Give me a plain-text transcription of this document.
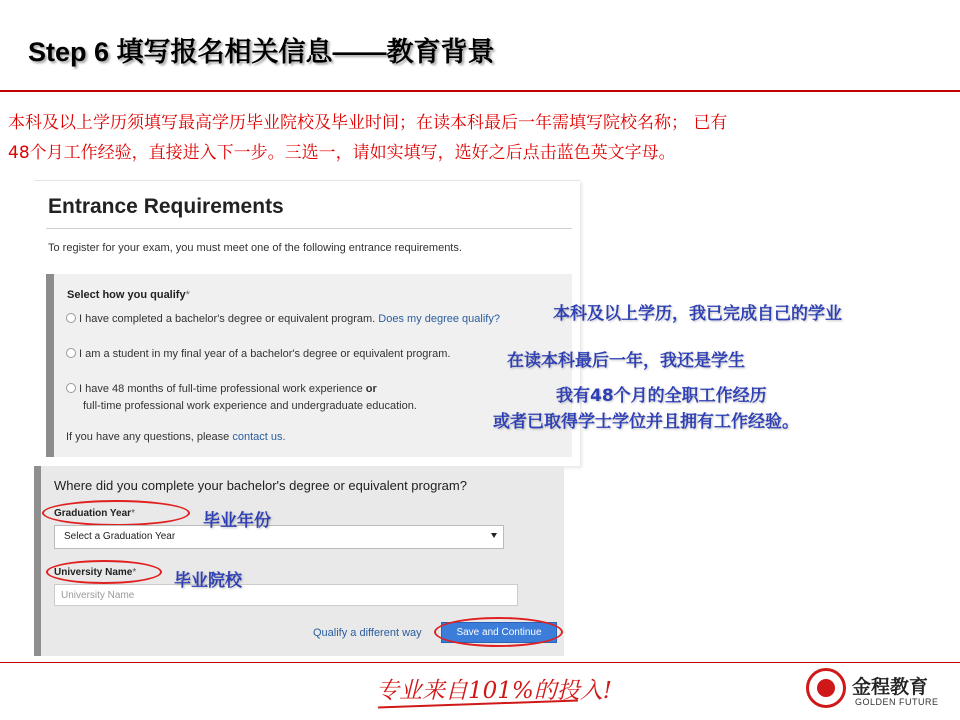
Step 6 填写报名相关信息——教育背景
本科及以上学历须填写最高学历毕业院校及毕业时间；在读本科最后一年需填写院校名称； 已有
48个月工作经验，直接进入下一步。三选一，请如实填写，选好之后点击蓝色英文字母。
Entrance Requirements
To register for your exam, you must meet one of the following entrance requirements.
Select how you qualify*
I have completed a bachelor's degree or equivalent program. Does my degree qualify?
I am a student in my final year of a bachelor's degree or equivalent program.
I have 48 months of full-time professional work experience or
full-time professional work experience and undergraduate education.
If you have any questions, please contact us.
Where did you complete your bachelor's degree or equivalent program?
Graduation Year*
Select a Graduation Year
University Name*
University Name
Qualify a different way	Save and Continue
本科及以上学历，我已完成自己的学业
在读本科最后一年，我还是学生
我有48个月的全职工作经历
或者已取得学士学位并且拥有工作经验。
毕业年份
毕业院校
专业来自101%的投入!	金程教育
GOLDEN FUTURE
